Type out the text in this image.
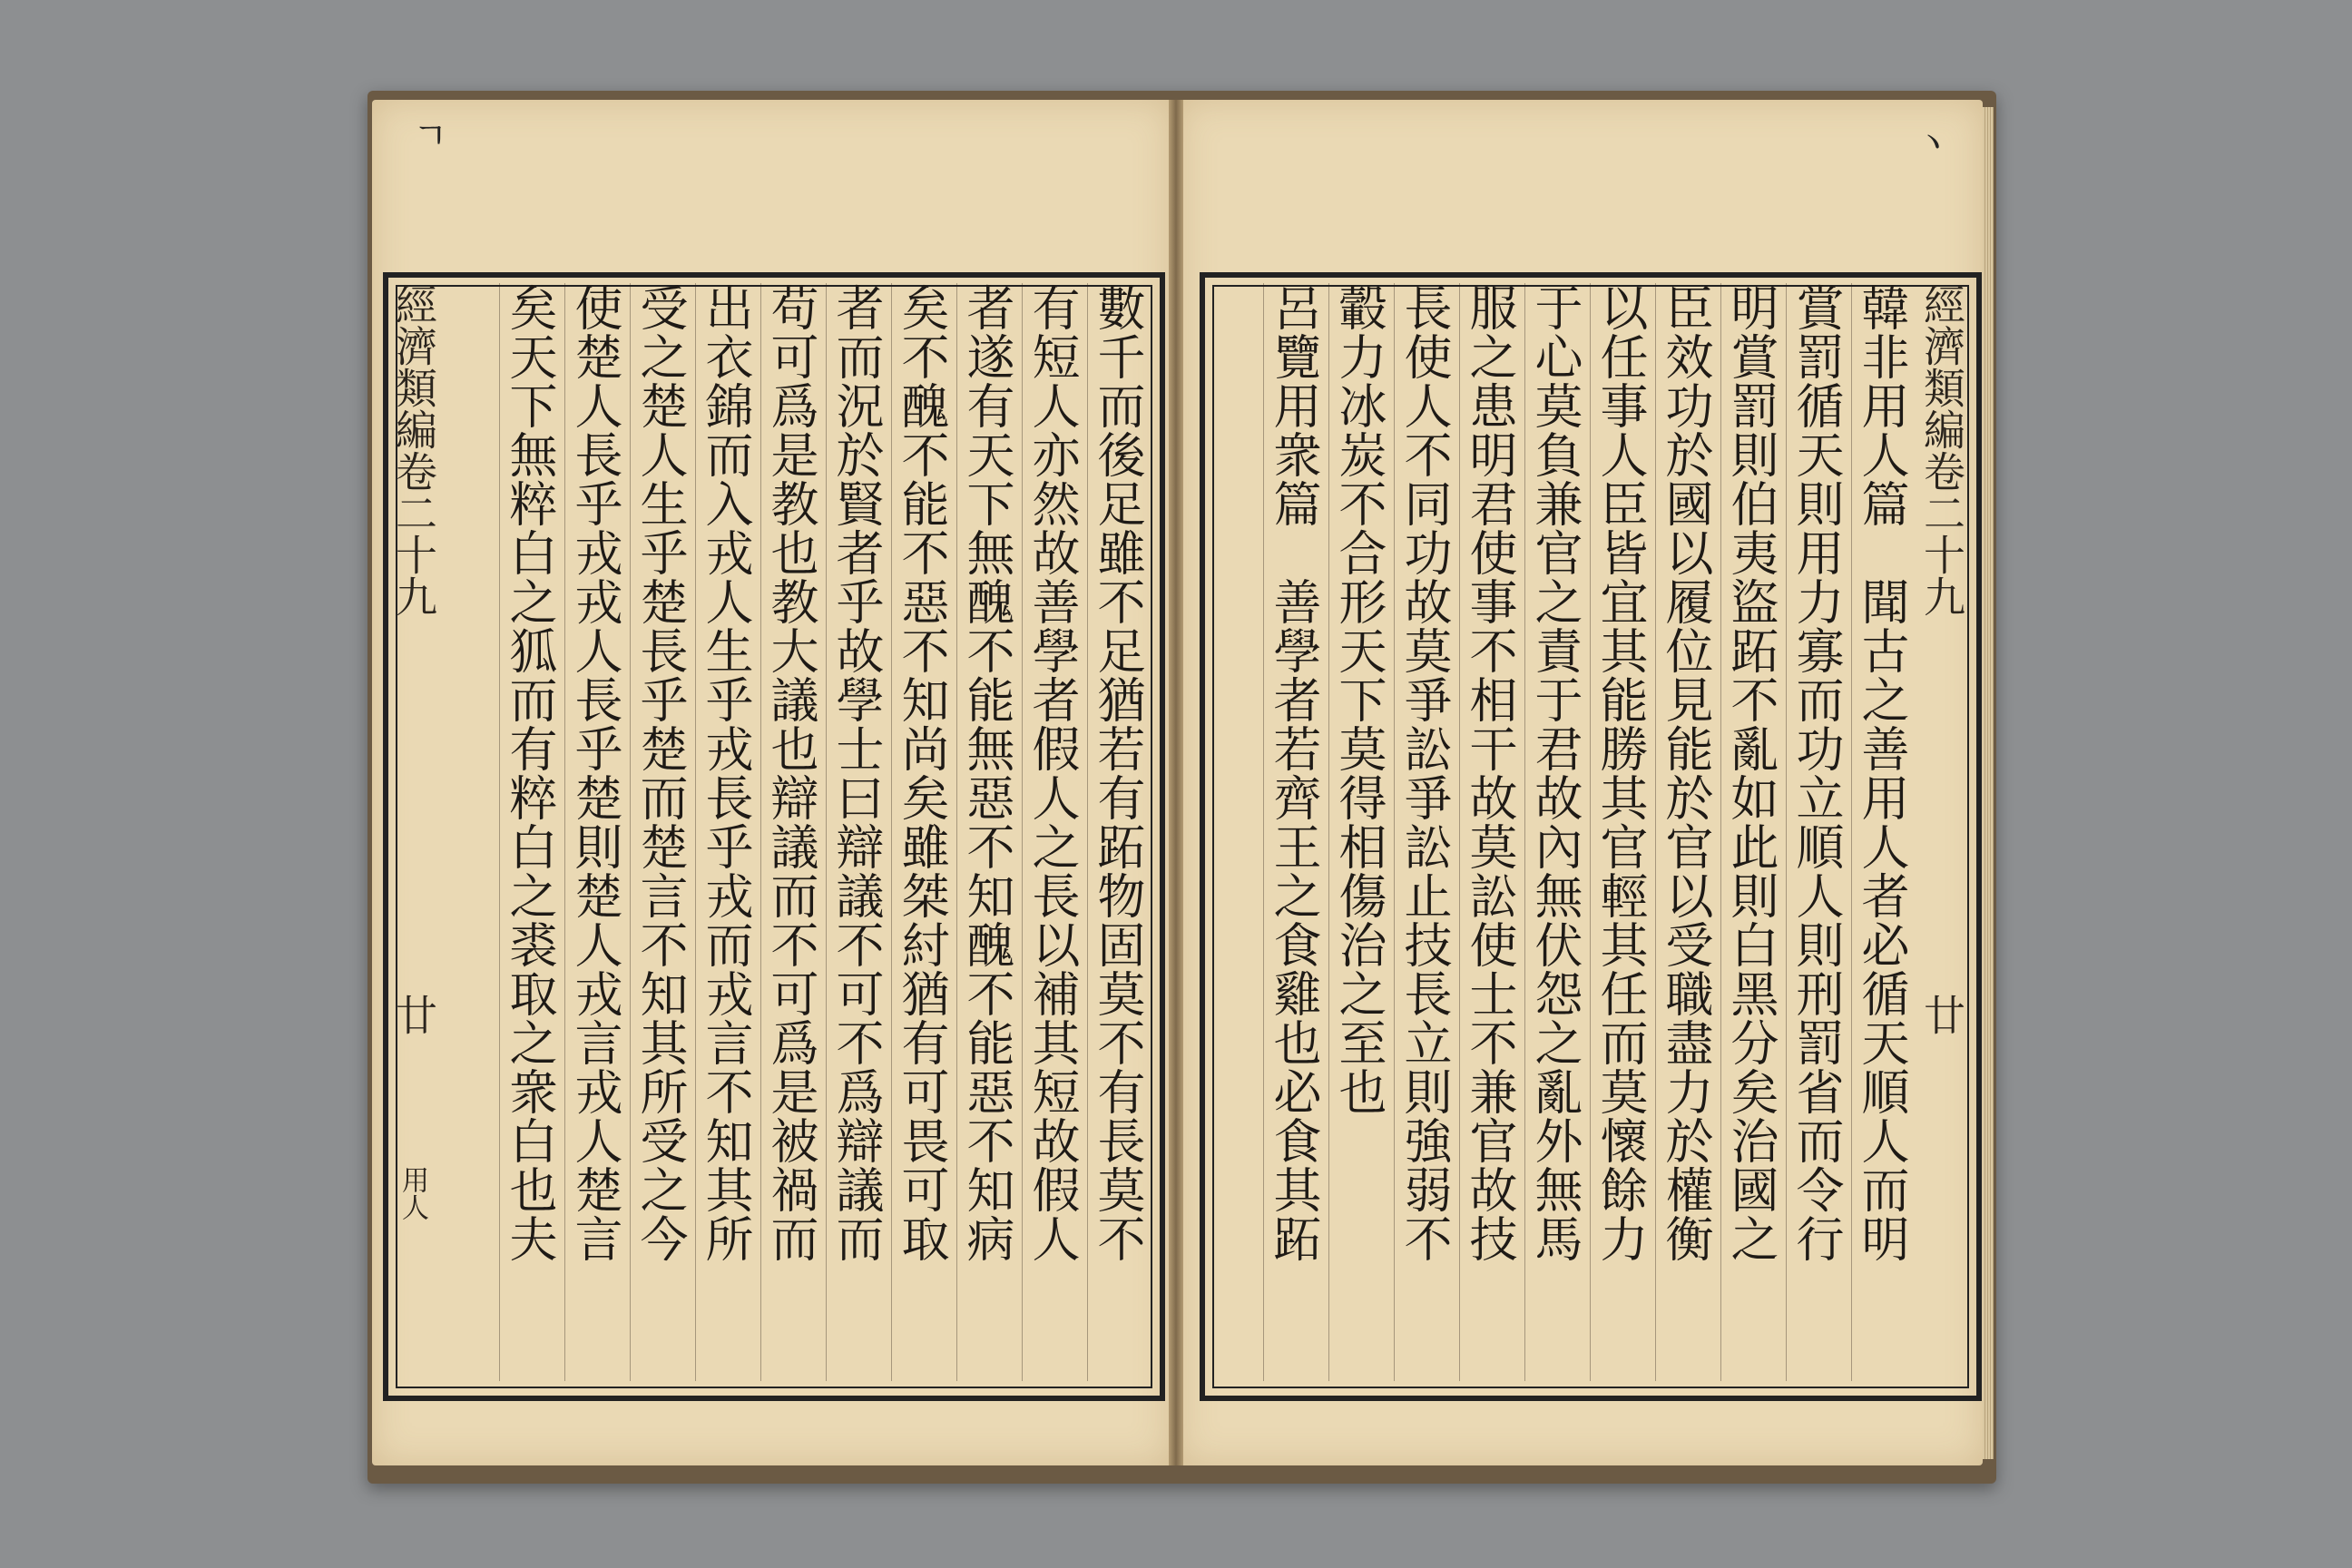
ㄱ	ヽ
經濟類編卷二十九
廿
用人	數千而後足雖不足猶若有跖物固莫不有長莫不
有短人亦然故善學者假人之長以補其短故假人
者遂有天下無醜不能無惡不知醜不能惡不知病
矣不醜不能不惡不知尚矣雖桀紂猶有可畏可取
者而況於賢者乎故學士曰辯議不可不爲辯議而
苟可爲是教也教大議也辯議而不可爲是被禍而
出衣錦而入戎人生乎戎長乎戎而戎言不知其所
受之楚人生乎楚長乎楚而楚言不知其所受之今
使楚人長乎戎戎人長乎楚則楚人戎言戎人楚言
矣天下無粹白之狐而有粹白之裘取之衆白也夫	經濟類編卷二十九
廿
韓非用人篇　聞古之善用人者必循天順人而明
賞罰循天則用力寡而功立順人則刑罰省而令行
明賞罰則伯夷盜跖不亂如此則白黑分矣治國之
臣效功於國以履位見能於官以受職盡力於權衡
以任事人臣皆宜其能勝其官輕其任而莫懷餘力
于心莫負兼官之責于君故內無伏怨之亂外無馬
服之患明君使事不相干故莫訟使士不兼官故技
長使人不同功故莫爭訟爭訟止技長立則強弱不
轂力冰炭不合形天下莫得相傷治之至也
呂覽用衆篇　善學者若齊王之食雞也必食其跖
